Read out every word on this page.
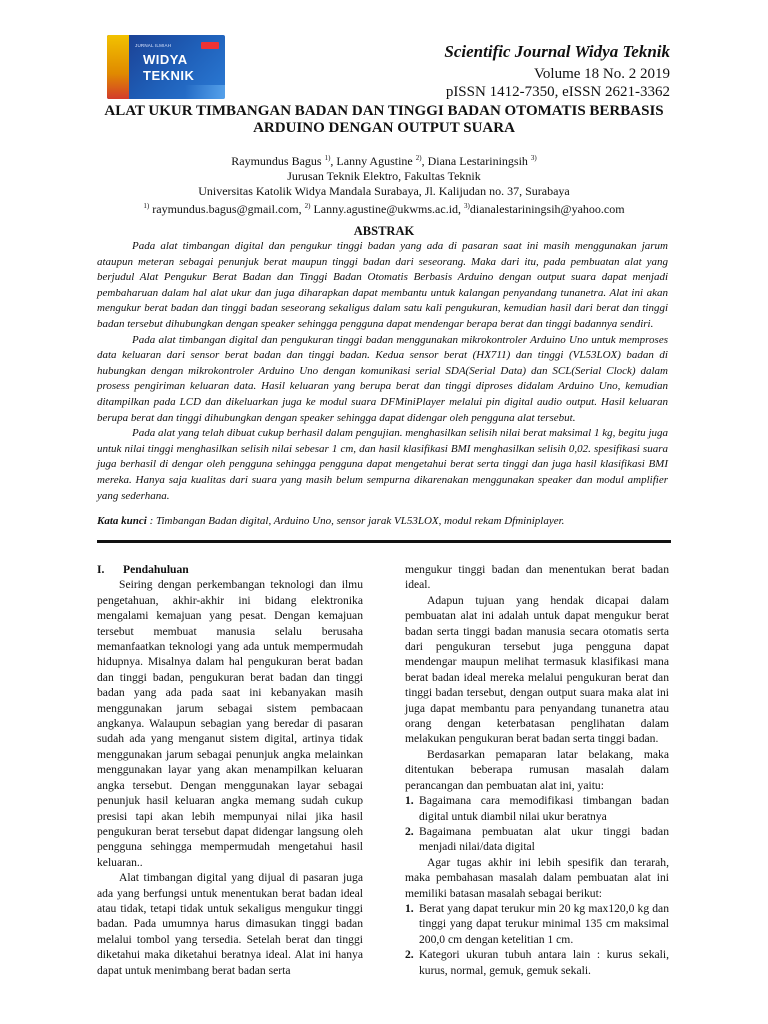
JURNAL ILMIAH
WIDYA
TEKNIK
Scientific Journal Widya Teknik
Volume 18 No. 2 2019
pISSN 1412-7350, eISSN 2621-3362
ALAT UKUR TIMBANGAN BADAN DAN TINGGI BADAN OTOMATIS BERBASIS
ARDUINO DENGAN OUTPUT SUARA
Raymundus Bagus $^{1)}$, Lanny Agustine $^{2)}$, Diana Lestariningsih $^{3)}$
Jurusan Teknik Elektro, Fakultas Teknik
Universitas Katolik Widya Mandala Surabaya, Jl. Kalijudan no. 37, Surabaya
$^{1)}$ raymundus.bagus@gmail.com, $^{2)}$ Lanny.agustine@ukwms.ac.id, $^{3)}$dianalestariningsih@yahoo.com
ABSTRAK

Pada alat timbangan digital dan pengukur tinggi badan yang ada di pasaran saat ini masih menggunakan jarum ataupun meteran sebagai penunjuk berat maupun tinggi badan dari seseorang. Maka dari itu, pada pembuatan alat yang berjudul Alat Pengukur Berat Badan dan Tinggi Badan Otomatis Berbasis Arduino dengan output suara dapat menjadi pembaharuan dalam hal alat ukur dan juga diharapkan dapat membantu untuk kalangan penyandang tunanetra. Alat ini akan mengukur berat badan dan tinggi badan seseorang sekaligus dalam satu kali pengukuran, kemudian hasil dari berat dan tinggi badan tersebut dihubungkan dengan speaker sehingga pengguna dapat mendengar berapa berat dan tinggi badannya sendiri.

Pada alat timbangan digital dan pengukuran tinggi badan menggunakan mikrokontroler Arduino Uno untuk memproses data keluaran dari sensor berat badan dan tinggi badan. Kedua sensor berat (HX711) dan tinggi (VL53LOX) badan di hubungkan dengan mikrokontroler Arduino Uno dengan komunikasi serial SDA(Serial Data) dan SCL(Serial Clock) dalam prosess pengiriman keluaran data. Hasil keluaran yang berupa berat dan tinggi diproses didalam Arduino Uno, kemudian ditampilkan pada LCD dan dikeluarkan juga ke modul suara DFMiniPlayer melalui pin digital audio output. Hasil keluaran berupa berat dan tinggi dihubungkan dengan speaker sehingga dapat didengar oleh pengguna alat tersebut.

Pada alat yang telah dibuat cukup berhasil dalam pengujian. menghasilkan selisih nilai berat maksimal 1 kg, begitu juga untuk nilai tinggi menghasilkan selisih nilai sebesar 1 cm, dan hasil klasifikasi BMI menghasilkan selisih 0,02. spesifikasi suara juga berhasil di dengar oleh pengguna sehingga pengguna dapat mengetahui berat serta tinggi dan juga hasil klasifikasi BMI mereka. Hanya saja kualitas dari suara yang masih belum sempurna dikarenakan menggunakan speaker dan modul amplifier yang sederhana.

Kata kunci : Timbangan Badan digital, Arduino Uno, sensor jarak VL53LOX, modul rekam Dfminiplayer.

I.	Pendahuluan

Seiring dengan perkembangan teknologi dan ilmu pengetahuan, akhir-akhir ini bidang elektronika mengalami kemajuan yang pesat. Dengan kemajuan tersebut membuat manusia selalu berusaha memanfaatkan teknologi yang ada untuk mempermudah hidupnya. Misalnya dalam hal pengukuran berat badan dan tinggi badan, pengukuran berat badan dan tinggi badan yang ada pada saat ini kebanyakan masih menggunakan jarum sebagai sistem pembacaan angkanya. Walaupun sebagian yang beredar di pasaran sudah ada yang menganut sistem digital, artinya tidak menggunakan jarum sebagai penunjuk angka melainkan menggunakan layar yang akan menampilkan keluaran angka tersebut. Dengan menggunakan layar sebagai penunjuk hasil keluaran angka memang sudah cukup presisi tapi akan lebih mempunyai nilai jika hasil pengukuran berat tersebut dapat didengar langsung oleh pengguna sehingga mempermudah mengetahui hasil keluaran..

Alat timbangan digital yang dijual di pasaran juga ada yang berfungsi untuk menentukan berat badan ideal atau tidak, tetapi tidak untuk sekaligus mengukur tinggi badan. Pada umumnya harus dimasukan tinggi badan melalui tombol yang tersedia. Setelah berat dan tinggi diketahui maka diketahui beratnya ideal. Alat ini hanya dapat untuk menimbang berat badan serta

mengukur tinggi badan dan menentukan berat badan ideal.

Adapun tujuan yang hendak dicapai dalam pembuatan alat ini adalah untuk dapat mengukur berat badan serta tinggi badan manusia secara otomatis serta dari pengukuran tersebut juga pengguna dapat mendengar maupun melihat termasuk klasifikasi mana berat badan ideal mereka melalui pengukuran berat dan tinggi badan tersebut, dengan output suara maka alat ini juga dapat membantu para penyandang tunanetra atau orang dengan keterbatasan penglihatan dalam melakukan pengukuran berat badan serta tinggi badan.

Berdasarkan pemaparan latar belakang, maka ditentukan beberapa rumusan masalah dalam perancangan dan pembuatan alat ini, yaitu:

1. Bagaimana cara memodifikasi timbangan badan digital untuk diambil nilai ukur beratnya

2. Bagaimana pembuatan alat ukur tinggi badan menjadi nilai/data digital

Agar tugas akhir ini lebih spesifik dan terarah, maka pembahasan masalah dalam pembuatan alat ini memiliki batasan masalah sebagai berikut:

1. Berat yang dapat terukur min 20 kg max120,0 kg dan tinggi yang dapat terukur minimal 135 cm maksimal 200,0 cm dengan ketelitian 1 cm.

2. Kategori ukuran tubuh antara lain : kurus sekali, kurus, normal, gemuk, gemuk sekali.
